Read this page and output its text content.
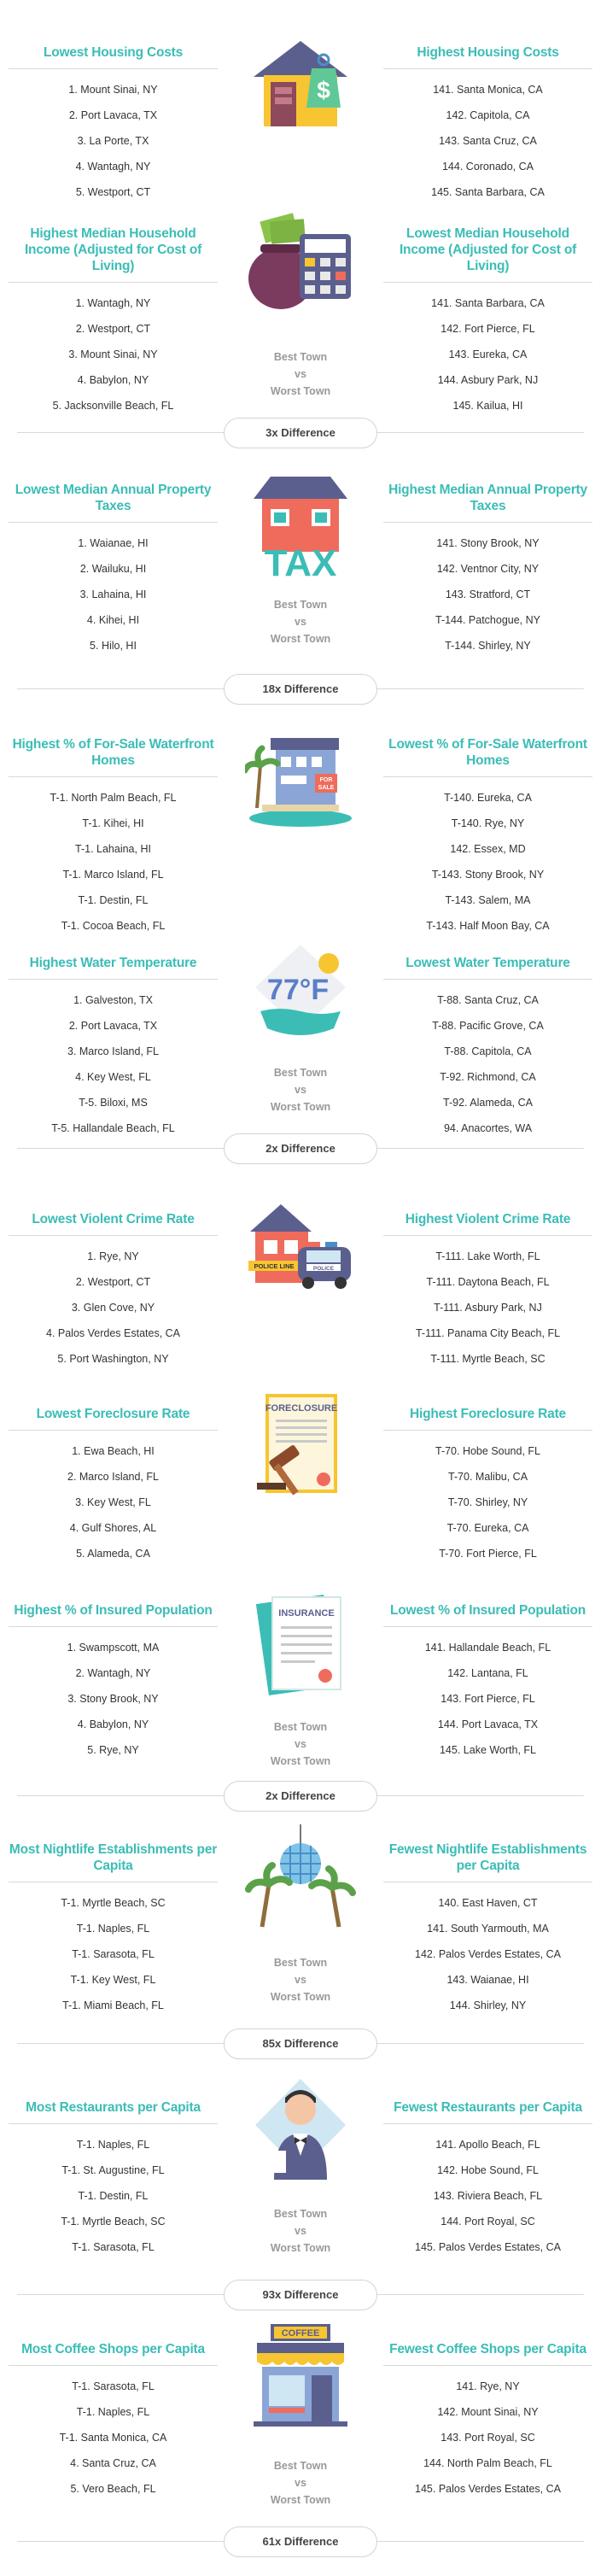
Lowest Housing Costs
1. Mount Sinai, NY
2. Port Lavaca, TX
3. La Porte, TX
4. Wantagh, NY
5. Westport, CT
$
Highest Housing Costs
141. Santa Monica, CA
142. Capitola, CA
143. Santa Cruz, CA
144. Coronado, CA
145. Santa Barbara, CA
Highest Median Household Income (Adjusted for Cost of Living)
1. Wantagh, NY
2. Westport, CT
3. Mount Sinai, NY
4. Babylon, NY
5. Jacksonville Beach, FL
Best Town
vs
Worst Town
Lowest Median Household Income (Adjusted for Cost of Living)
141. Santa Barbara, CA
142. Fort Pierce, FL
143. Eureka, CA
144. Asbury Park, NJ
145. Kailua, HI
3x Difference
Lowest Median Annual Property Taxes
1. Waianae, HI
2. Wailuku, HI
3. Lahaina, HI
4. Kihei, HI
5. Hilo, HI
TAX
Best Town
vs
Worst Town
Highest Median Annual Property Taxes
141. Stony Brook, NY
142. Ventnor City, NY
143. Stratford, CT
T-144. Patchogue, NY
T-144. Shirley, NY
18x Difference
Highest % of For-Sale Waterfront Homes
T-1. North Palm Beach, FL
T-1. Kihei, HI
T-1. Lahaina, HI
T-1. Marco Island, FL
T-1. Destin, FL
T-1. Cocoa Beach, FL
FOR
SALE
Lowest % of For-Sale Waterfront Homes
T-140. Eureka, CA
T-140. Rye, NY
142. Essex, MD
T-143. Stony Brook, NY
T-143. Salem, MA
T-143. Half Moon Bay, CA
Highest Water Temperature
1. Galveston, TX
2. Port Lavaca, TX
3. Marco Island, FL
4. Key West, FL
T-5. Biloxi, MS
T-5. Hallandale Beach, FL
77°F
Best Town
vs
Worst Town
Lowest Water Temperature
T-88. Santa Cruz, CA
T-88. Pacific Grove, CA
T-88. Capitola, CA
T-92. Richmond, CA
T-92. Alameda, CA
94. Anacortes, WA
2x Difference
Lowest Violent Crime Rate
1. Rye, NY
2. Westport, CT
3. Glen Cove, NY
4. Palos Verdes Estates, CA
5. Port Washington, NY
POLICE LINE	POLICE
Highest Violent Crime Rate
T-111. Lake Worth, FL
T-111. Daytona Beach, FL
T-111. Asbury Park, NJ
T-111. Panama City Beach, FL
T-111. Myrtle Beach, SC
Lowest Foreclosure Rate
1. Ewa Beach, HI
2. Marco Island, FL
3. Key West, FL
4. Gulf Shores, AL
5. Alameda, CA
FORECLOSURE	Highest Foreclosure Rate
T-70. Hobe Sound, FL
T-70. Malibu, CA
T-70. Shirley, NY
T-70. Eureka, CA
T-70. Fort Pierce, FL
Highest % of Insured Population
1. Swampscott, MA
2. Wantagh, NY
3. Stony Brook, NY
4. Babylon, NY
5. Rye, NY
INSURANCE
Best Town
vs
Worst Town
Lowest % of Insured Population
141. Hallandale Beach, FL
142. Lantana, FL
143. Fort Pierce, FL
144. Port Lavaca, TX
145. Lake Worth, FL
2x Difference
Most Nightlife Establishments per Capita
T-1. Myrtle Beach, SC
T-1. Naples, FL
T-1. Sarasota, FL
T-1. Key West, FL
T-1. Miami Beach, FL
Best Town
vs
Worst Town
Fewest Nightlife Establishments per Capita
140. East Haven, CT
141. South Yarmouth, MA
142. Palos Verdes Estates, CA
143. Waianae, HI
144. Shirley, NY
85x Difference
Most Restaurants per Capita
T-1. Naples, FL
T-1. St. Augustine, FL
T-1. Destin, FL
T-1. Myrtle Beach, SC
T-1. Sarasota, FL
Best Town
vs
Worst Town
Fewest Restaurants per Capita
141. Apollo Beach, FL
142. Hobe Sound, FL
143. Riviera Beach, FL
144. Port Royal, SC
145. Palos Verdes Estates, CA
93x Difference
Most Coffee Shops per Capita
T-1. Sarasota, FL
T-1. Naples, FL
T-1. Santa Monica, CA
4. Santa Cruz, CA
5. Vero Beach, FL
COFFEE
Best Town
vs
Worst Town
Fewest Coffee Shops per Capita
141. Rye, NY
142. Mount Sinai, NY
143. Port Royal, SC
144. North Palm Beach, FL
145. Palos Verdes Estates, CA
61x Difference
